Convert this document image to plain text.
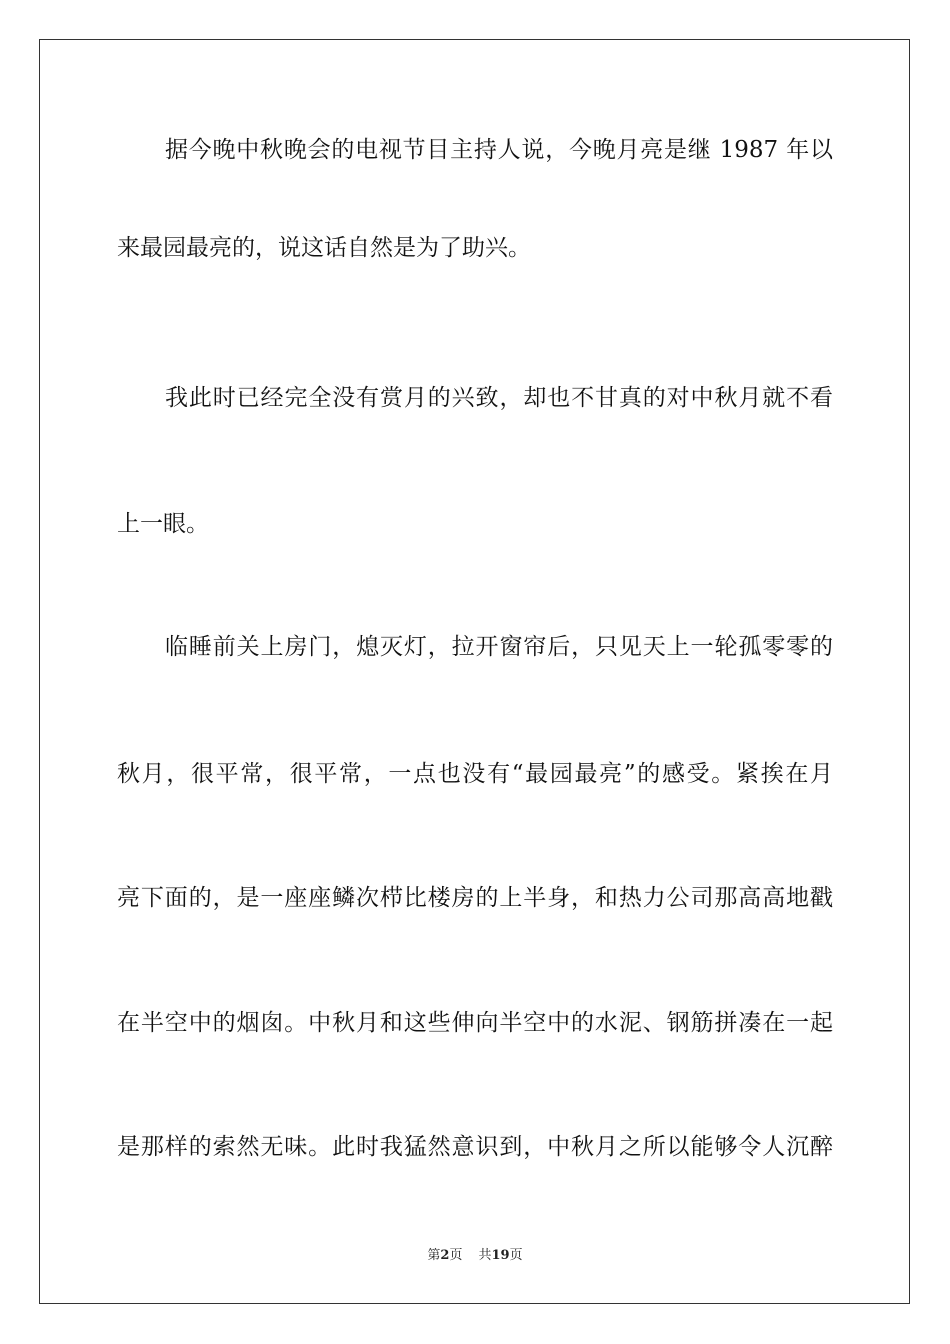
据今晚中秋晚会的电视节目主持人说，今晚月亮是继 1987 年以
来最园最亮的，说这话自然是为了助兴。
我此时已经完全没有赏月的兴致，却也不甘真的对中秋月就不看
上一眼。
临睡前关上房门，熄灭灯，拉开窗帘后，只见天上一轮孤零零的
秋月，很平常，很平常，一点也没有“最园最亮”的感受。紧挨在月
亮下面的，是一座座鳞次栉比楼房的上半身，和热力公司那高高地戳
在半空中的烟囱。中秋月和这些伸向半空中的水泥、钢筋拼凑在一起
是那样的索然无味。此时我猛然意识到，中秋月之所以能够令人沉醉
第2页 共19页
